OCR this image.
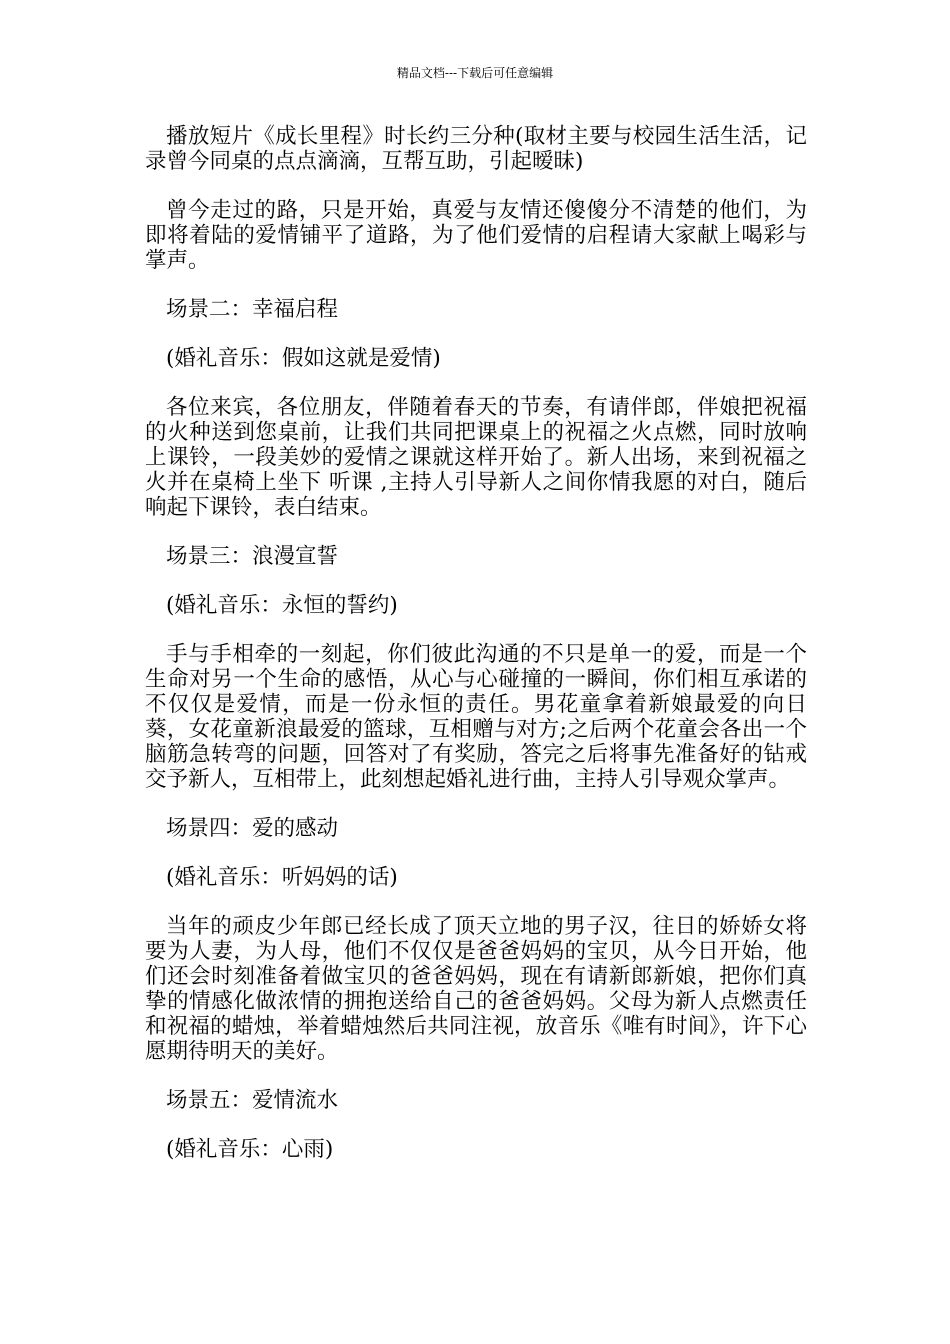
精品文档---下载后可任意编辑

播放短片《成长里程》时长约三分种(取材主要与校园生活生活，记录曾今同桌的点点滴滴，互帮互助，引起暧昧)

曾今走过的路，只是开始，真爱与友情还傻傻分不清楚的他们，为即将着陆的爱情铺平了道路，为了他们爱情的启程请大家献上喝彩与掌声。

场景二：幸福启程

(婚礼音乐：假如这就是爱情)

各位来宾，各位朋友，伴随着春天的节奏，有请伴郎，伴娘把祝福的火种送到您桌前，让我们共同把课桌上的祝福之火点燃，同时放响上课铃，一段美妙的爱情之课就这样开始了。新人出场，来到祝福之火并在桌椅上坐下 听课 ,主持人引导新人之间你情我愿的对白，随后响起下课铃，表白结束。

场景三：浪漫宣誓

(婚礼音乐：永恒的誓约)

手与手相牵的一刻起，你们彼此沟通的不只是单一的爱，而是一个生命对另一个生命的感悟，从心与心碰撞的一瞬间，你们相互承诺的不仅仅是爱情，而是一份永恒的责任。男花童拿着新娘最爱的向日葵，女花童新浪最爱的篮球，互相赠与对方;之后两个花童会各出一个脑筋急转弯的问题，回答对了有奖励，答完之后将事先准备好的钻戒交予新人，互相带上，此刻想起婚礼进行曲，主持人引导观众掌声。

场景四：爱的感动

(婚礼音乐：听妈妈的话)

当年的顽皮少年郎已经长成了顶天立地的男子汉，往日的娇娇女将要为人妻，为人母，他们不仅仅是爸爸妈妈的宝贝，从今日开始，他们还会时刻准备着做宝贝的爸爸妈妈，现在有请新郎新娘，把你们真挚的情感化做浓情的拥抱送给自己的爸爸妈妈。父母为新人点燃责任和祝福的蜡烛，举着蜡烛然后共同注视，放音乐《唯有时间》，许下心愿期待明天的美好。

场景五：爱情流水

(婚礼音乐：心雨)
